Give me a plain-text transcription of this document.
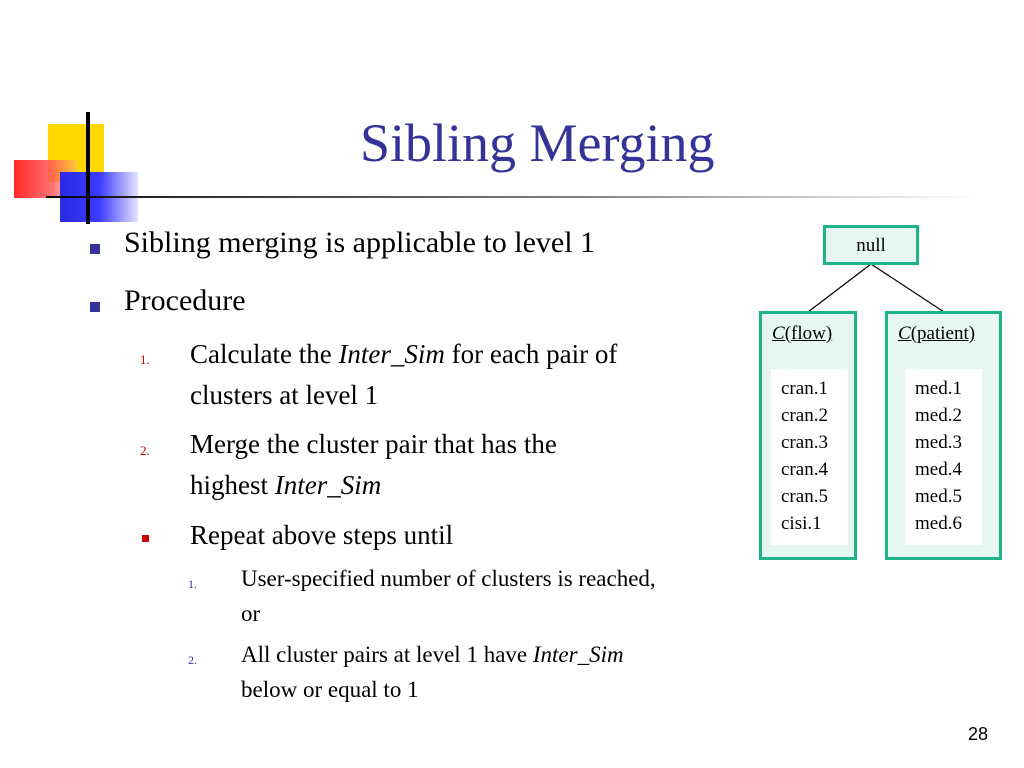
Sibling Merging
Sibling merging is applicable to level 1
Procedure
1. Calculate the Inter_Sim for each pair of
clusters at level 1
2. Merge the cluster pair that has the
highest Inter_Sim
Repeat above steps until
1. User-specified number of clusters is reached,
or
2. All cluster pairs at level 1 have Inter_Sim
below or equal to 1
null
C(flow)
cran.1
cran.2
cran.3
cran.4
cran.5
cisi.1
C(patient)
med.1
med.2
med.3
med.4
med.5
med.6
28
